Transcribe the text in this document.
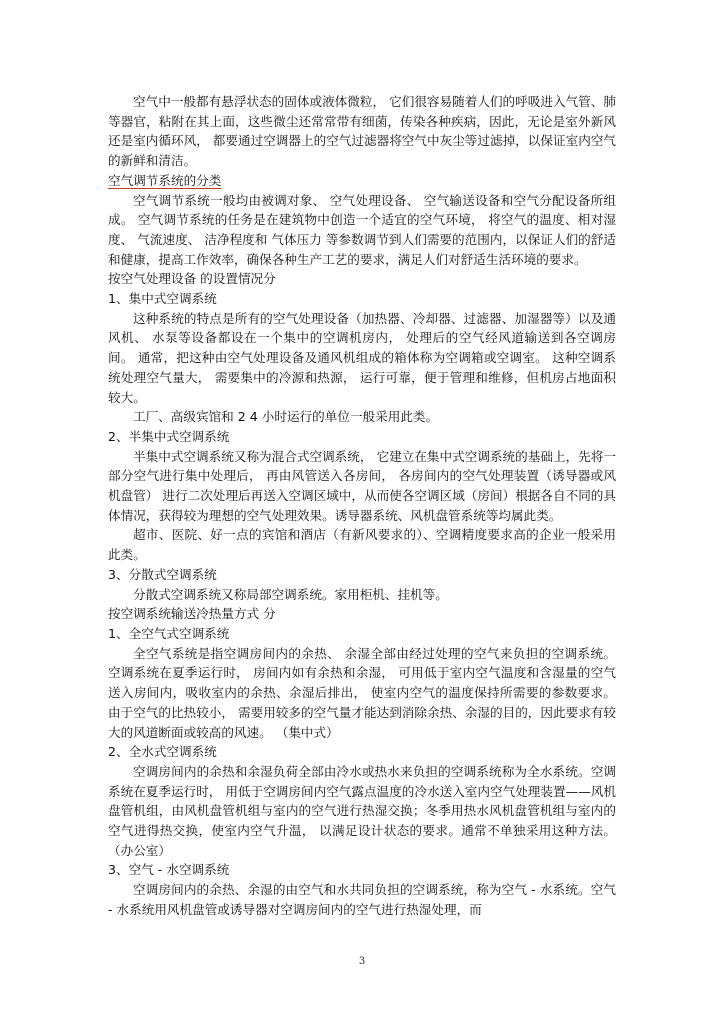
空气中一般都有悬浮状态的固体或液体微粒， 它们很容易随着人们的呼吸进入气管、肺等器官，粘附在其上面，这些微尘还常常带有细菌，传染各种疾病，因此，无论是室外新风还是室内循环风， 都要通过空调器上的空气过滤器将空气中灰尘等过滤掉，以保证室内空气的新鲜和清洁。
空气调节系统的分类
空气调节系统一般均由被调对象、 空气处理设备、 空气输送设备和空气分配设备所组成。 空气调节系统的任务是在建筑物中创造一个适宜的空气环境， 将空气的温度、相对湿度、 气流速度、 洁净程度和 气体压力 等参数调节到人们需要的范围内，以保证人们的舒适和健康，提高工作效率，确保各种生产工艺的要求，满足人们对舒适生活环境的要求。
按空气处理设备 的设置情况分
1、集中式空调系统
这种系统的特点是所有的空气处理设备（加热器、冷却器、过滤器、加湿器等）以及通风机、 水泵等设备都设在一个集中的空调机房内， 处理后的空气经风道输送到各空调房间。 通常，把这种由空气处理设备及通风机组成的箱体称为空调箱或空调室。 这种空调系统处理空气量大， 需要集中的冷源和热源， 运行可靠，便于管理和维修，但机房占地面积较大。
工厂、高级宾馆和 2 4 小时运行的单位一般采用此类。
2、半集中式空调系统
半集中式空调系统又称为混合式空调系统， 它建立在集中式空调系统的基础上，先将一部分空气进行集中处理后， 再由风管送入各房间， 各房间内的空气处理装置（诱导器或风机盘管） 进行二次处理后再送入空调区域中，从而使各空调区域（房间）根据各自不同的具体情况，获得较为理想的空气处理效果。诱导器系统、风机盘管系统等均属此类。
超市、医院、好一点的宾馆和酒店（有新风要求的）、空调精度要求高的企业一般采用此类。
3、分散式空调系统
分散式空调系统又称局部空调系统。家用柜机、挂机等。
按空调系统输送冷热量方式 分
1、全空气式空调系统
全空气系统是指空调房间内的余热、 余湿全部由经过处理的空气来负担的空调系统。 空调系统在夏季运行时， 房间内如有余热和余湿， 可用低于室内空气温度和含湿量的空气送入房间内，吸收室内的余热、余湿后排出， 使室内空气的温度保持所需要的参数要求。 由于空气的比热较小， 需要用较多的空气量才能达到消除余热、余湿的目的，因此要求有较大的风道断面或较高的风速。 （集中式）
2、全水式空调系统
空调房间内的余热和余湿负荷全部由冷水或热水来负担的空调系统称为全水系统。空调系统在夏季运行时， 用低于空调房间内空气露点温度的冷水送入室内空气处理装置——风机盘管机组，由风机盘管机组与室内的空气进行热湿交换；冬季用热水风机盘管机组与室内的空气进得热交换，使室内空气升温， 以满足设计状态的要求。通常不单独采用这种方法。 （办公室）
3、空气 - 水空调系统
空调房间内的余热、余湿的由空气和水共同负担的空调系统，称为空气 - 水系统。空气 - 水系统用风机盘管或诱导器对空调房间内的空气进行热湿处理，而
3
